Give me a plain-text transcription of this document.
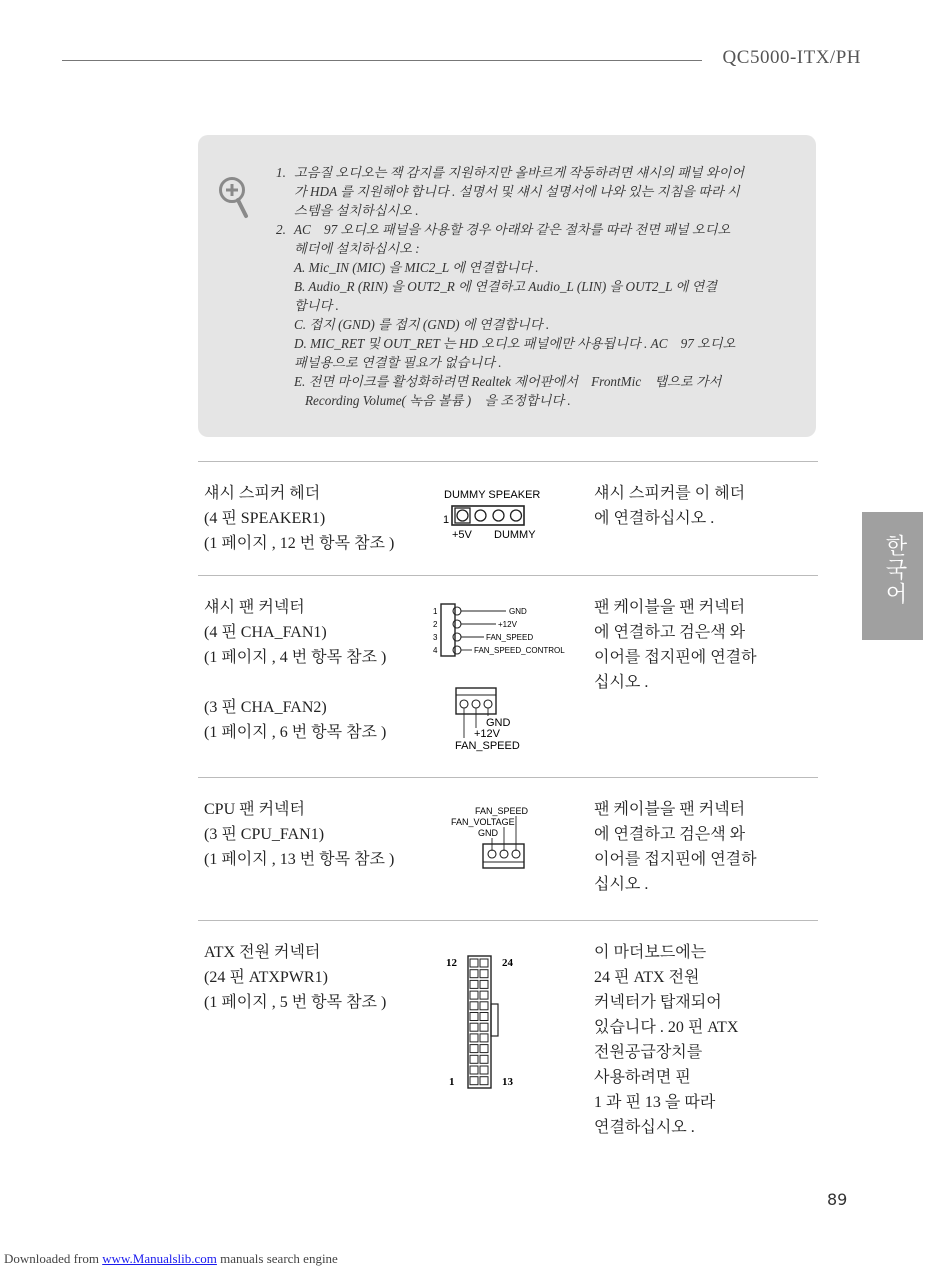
QC5000-ITX/PH
1. 고음질 오디오는 잭 감지를 지원하지만 올바르게 작동하려면 섀시의 패널 와이어
가 HDA 를 지원해야 합니다 . 설명서 및 섀시 설명서에 나와 있는 지침을 따라 시
스템을 설치하십시오 .
2. AC　97 오디오 패널을 사용할 경우 아래와 같은 절차를 따라 전면 패널 오디오
헤더에 설치하십시오 :
A. Mic_IN (MIC) 을 MIC2_L 에 연결합니다 .
B. Audio_R (RIN) 을 OUT2_R 에 연결하고 Audio_L (LIN) 을 OUT2_L 에 연결
합니다 .
C. 접지 (GND) 를 접지 (GND) 에 연결합니다 .
D. MIC_RET 및 OUT_RET 는 HD 오디오 패널에만 사용됩니다 . AC　97 오디오
패널용으로 연결할 필요가 없습니다 .
E. 전면 마이크를 활성화하려면 Realtek 제어판에서　FrontMic　탭으로 가서
Recording Volume( 녹음 볼륨 )　을 조정합니다 .
섀시 스피커 헤더
(4 핀 SPEAKER1)
(1 페이지 , 12 번 항목 참조 )
DUMMY SPEAKER
1
+5V DUMMY
섀시 스피커를 이 헤더
에 연결하십시오 .
섀시 팬 커넥터
(4 핀 CHA_FAN1)
(1 페이지 , 4 번 항목 참조 )
(3 핀 CHA_FAN2)
(1 페이지 , 6 번 항목 참조 )
1
2
3
4
GND
+12V
FAN_SPEED
FAN_SPEED_CONTROL
GND
+12V
FAN_SPEED
팬 케이블을 팬 커넥터
에 연결하고 검은색 와
이어를 접지핀에 연결하
십시오 .
CPU 팬 커넥터
(3 핀 CPU_FAN1)
(1 페이지 , 13 번 항목 참조 )
FAN_SPEED
FAN_VOLTAGE
GND
팬 케이블을 팬 커넥터
에 연결하고 검은색 와
이어를 접지핀에 연결하
십시오 .
ATX 전원 커넥터
(24 핀 ATXPWR1)
(1 페이지 , 5 번 항목 참조 )
12	24
1	13
이 마더보드에는
24 핀 ATX 전원
커넥터가 탑재되어
있습니다 . 20 핀 ATX
전원공급장치를
사용하려면 핀
1 과 핀 13 을 따라
연결하십시오 .
한국어
89
Downloaded from www.Manualslib.com manuals search engine
